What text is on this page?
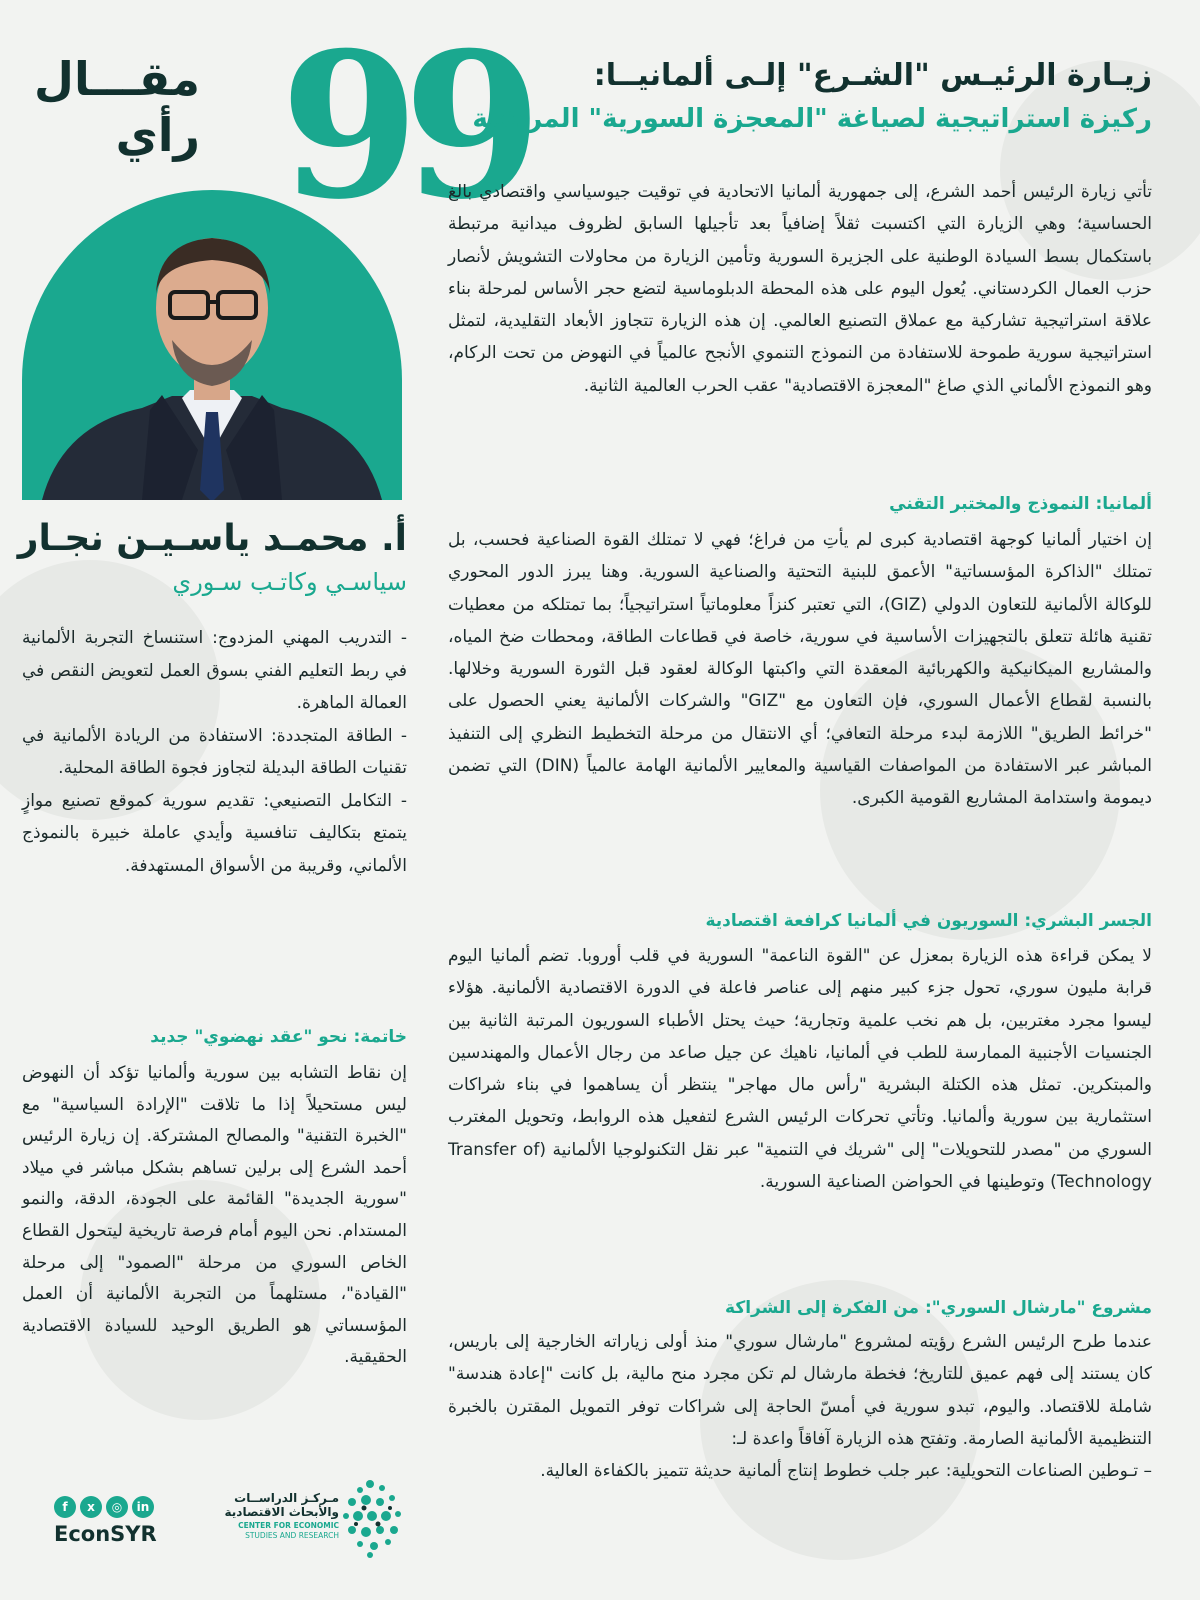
99
مقـــال
رأي
أ. محمـد ياسـيـن نجـار
سياسـي وكاتـب سـوري

- التدريب المهني المزدوج: استنساخ التجربة الألمانية في ربط التعليم الفني بسوق العمل لتعويض النقص في العمالة الماهرة.

- الطاقة المتجددة: الاستفادة من الريادة الألمانية في تقنيات الطاقة البديلة لتجاوز فجوة الطاقة المحلية.

- التكامل التصنيعي: تقديم سورية كموقع تصنيع موازٍ يتمتع بتكاليف تنافسية وأيدي عاملة خبيرة بالنموذج الألماني، وقريبة من الأسواق المستهدفة.

خاتمة: نحو "عقد نهضوي" جديد
إن نقاط التشابه بين سورية وألمانيا تؤكد أن النهوض ليس مستحيلاً إذا ما تلاقت "الإرادة السياسية" مع "الخبرة التقنية" والمصالح المشتركة. إن زيارة الرئيس أحمد الشرع إلى برلين تساهم بشكل مباشر في ميلاد "سورية الجديدة" القائمة على الجودة، الدقة، والنمو المستدام. نحن اليوم أمام فرصة تاريخية ليتحول القطاع الخاص السوري من مرحلة "الصمود" إلى مرحلة "القيادة"، مستلهماً من التجربة الألمانية أن العمل المؤسساتي هو الطريق الوحيد للسيادة الاقتصادية الحقيقية.
f	x	◎	in
EconSYR
مـركـز الدراســات
والأبحاث الاقتصادية
CENTER FOR ECONOMIC
STUDIES AND RESEARCH
زيـارة الرئيـس "الشـرع" إلـى ألمانيــا:
ركيزة استراتيجية لصياغة "المعجزة السورية" المرتقبة
تأتي زيارة الرئيس أحمد الشرع، إلى جمهورية ألمانيا الاتحادية في توقيت جيوسياسي واقتصادي بالغ الحساسية؛ وهي الزيارة التي اكتسبت ثقلاً إضافياً بعد تأجيلها السابق لظروف ميدانية مرتبطة باستكمال بسط السيادة الوطنية على الجزيرة السورية وتأمين الزيارة من محاولات التشويش لأنصار حزب العمال الكردستاني. يُعول اليوم على هذه المحطة الدبلوماسية لتضع حجر الأساس لمرحلة بناء علاقة استراتيجية تشاركية مع عملاق التصنيع العالمي. إن هذه الزيارة تتجاوز الأبعاد التقليدية، لتمثل استراتيجية سورية طموحة للاستفادة من النموذج التنموي الأنجح عالمياً في النهوض من تحت الركام، وهو النموذج الألماني الذي صاغ "المعجزة الاقتصادية" عقب الحرب العالمية الثانية.
ألمانيا: النموذج والمختبر التقني
إن اختيار ألمانيا كوجهة اقتصادية كبرى لم يأتِ من فراغ؛ فهي لا تمتلك القوة الصناعية فحسب، بل تمتلك "الذاكرة المؤسساتية" الأعمق للبنية التحتية والصناعية السورية. وهنا يبرز الدور المحوري للوكالة الألمانية للتعاون الدولي (GIZ)، التي تعتبر كنزاً معلوماتياً استراتيجياً؛ بما تمتلكه من معطيات تقنية هائلة تتعلق بالتجهيزات الأساسية في سورية، خاصة في قطاعات الطاقة، ومحطات ضخ المياه، والمشاريع الميكانيكية والكهربائية المعقدة التي واكبتها الوكالة لعقود قبل الثورة السورية وخلالها. بالنسبة لقطاع الأعمال السوري، فإن التعاون مع "GIZ" والشركات الألمانية يعني الحصول على "خرائط الطريق" اللازمة لبدء مرحلة التعافي؛ أي الانتقال من مرحلة التخطيط النظري إلى التنفيذ المباشر عبر الاستفادة من المواصفات القياسية والمعايير الألمانية الهامة عالمياً (DIN) التي تضمن ديمومة واستدامة المشاريع القومية الكبرى.
الجسر البشري: السوريون في ألمانيا كرافعة اقتصادية
لا يمكن قراءة هذه الزيارة بمعزل عن "القوة الناعمة" السورية في قلب أوروبا. تضم ألمانيا اليوم قرابة مليون سوري، تحول جزء كبير منهم إلى عناصر فاعلة في الدورة الاقتصادية الألمانية. هؤلاء ليسوا مجرد مغتربين، بل هم نخب علمية وتجارية؛ حيث يحتل الأطباء السوريون المرتبة الثانية بين الجنسيات الأجنبية الممارسة للطب في ألمانيا، ناهيك عن جيل صاعد من رجال الأعمال والمهندسين والمبتكرين. تمثل هذه الكتلة البشرية "رأس مال مهاجر" ينتظر أن يساهموا في بناء شراكات استثمارية بين سورية وألمانيا. وتأتي تحركات الرئيس الشرع لتفعيل هذه الروابط، وتحويل المغترب السوري من "مصدر للتحويلات" إلى "شريك في التنمية" عبر نقل التكنولوجيا الألمانية (Transfer of Technology) وتوطينها في الحواضن الصناعية السورية.
مشروع "مارشال السوري": من الفكرة إلى الشراكة
عندما طرح الرئيس الشرع رؤيته لمشروع "مارشال سوري" منذ أولى زياراته الخارجية إلى باريس، كان يستند إلى فهم عميق للتاريخ؛ فخطة مارشال لم تكن مجرد منح مالية، بل كانت "إعادة هندسة" شاملة للاقتصاد. واليوم، تبدو سورية في أمسّ الحاجة إلى شراكات توفر التمويل المقترن بالخبرة التنظيمية الألمانية الصارمة. وتفتح هذه الزيارة آفاقاً واعدة لـ:
– تـوطين الصناعات التحويلية: عبر جلب خطوط إنتاج ألمانية حديثة تتميز بالكفاءة العالية.
